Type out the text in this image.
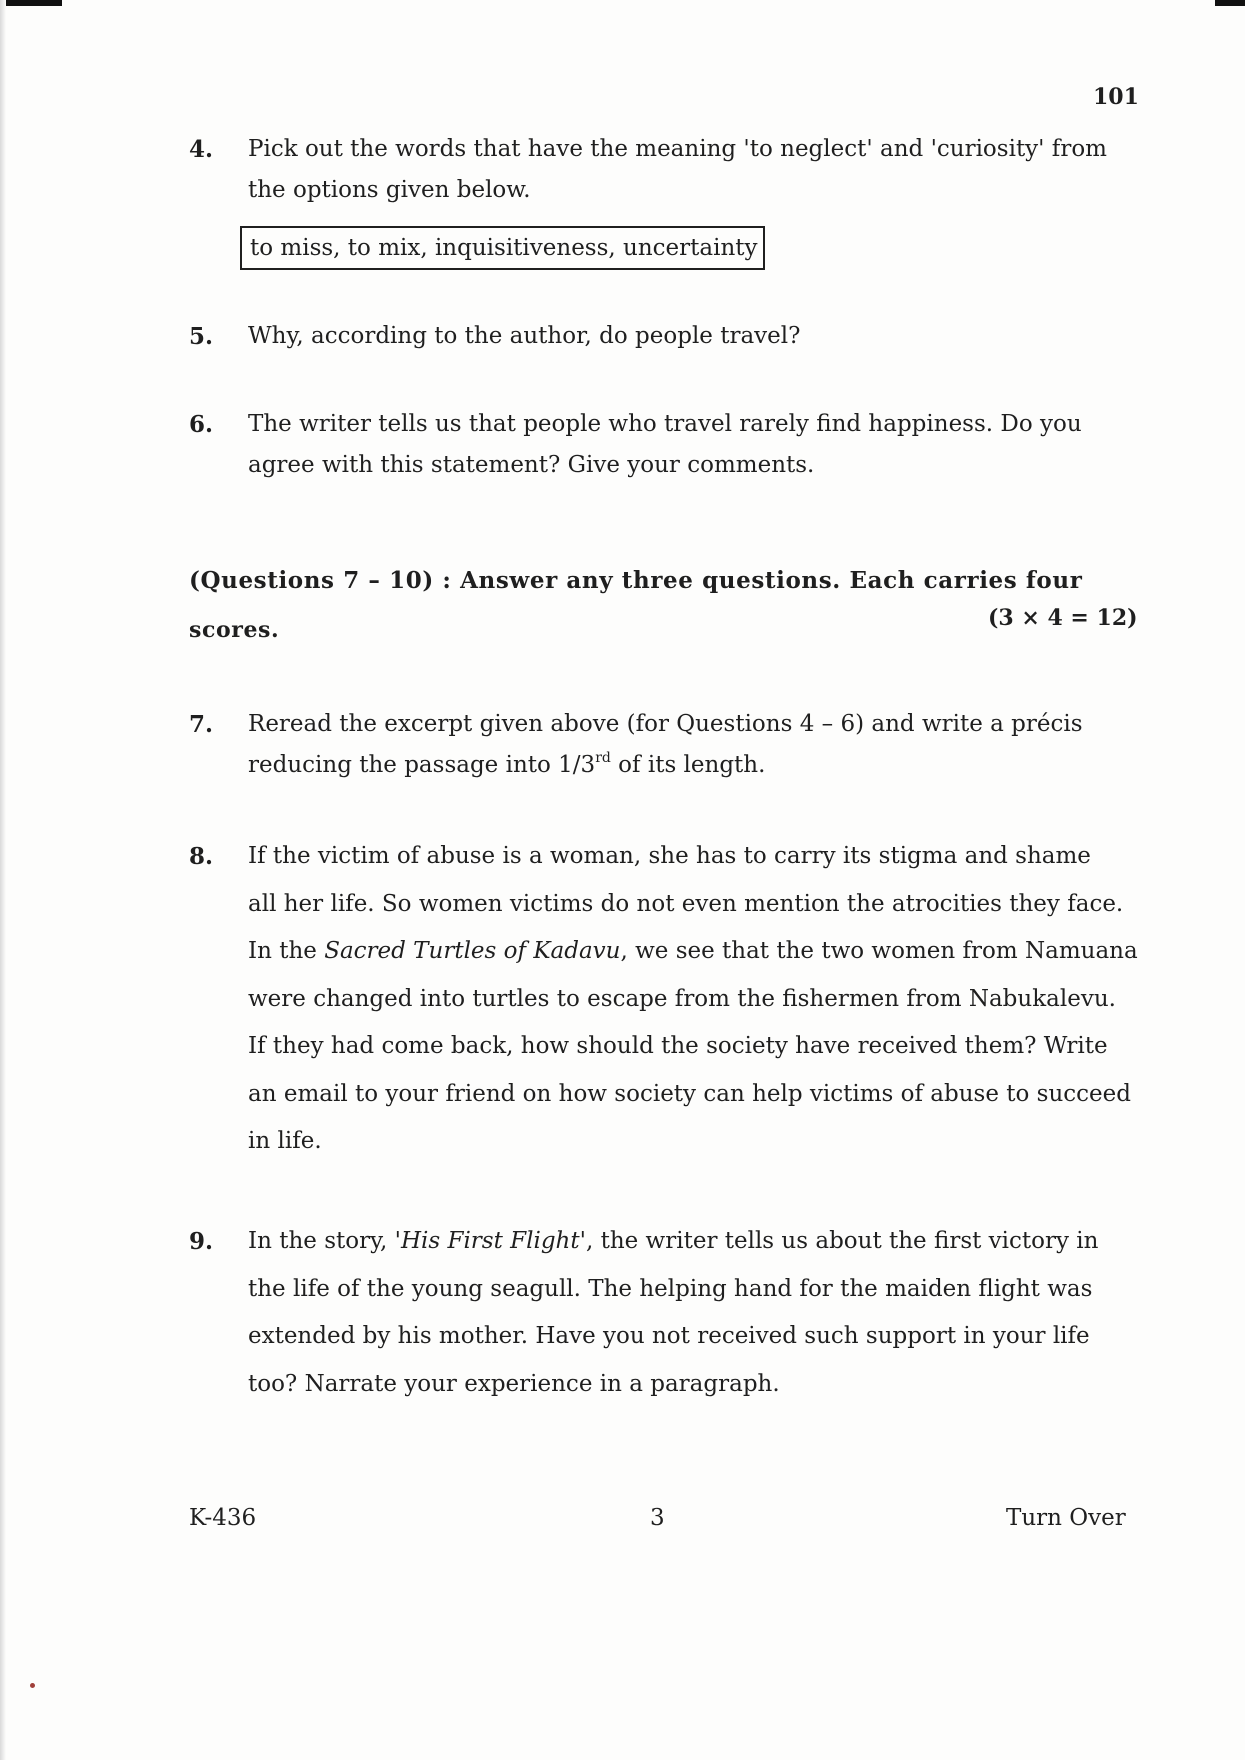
101
4.	Pick out the words that have the meaning 'to neglect' and 'curiosity' from
the options given below.
to miss, to mix, inquisitiveness, uncertainty
5.	Why, according to the author, do people travel?
6.	The writer tells us that people who travel rarely find happiness. Do you
agree with this statement? Give your comments.
(Questions 7 – 10) : Answer any three questions. Each carries four
(3 × 4 = 12)
scores.
7.	Reread the excerpt given above (for Questions 4 – 6) and write a précis
reducing the passage into 1/3rd of its length.
8.	If the victim of abuse is a woman, she has to carry its stigma and shame
all her life. So women victims do not even mention the atrocities they face.
In the Sacred Turtles of Kadavu, we see that the two women from Namuana
were changed into turtles to escape from the fishermen from Nabukalevu.
If they had come back, how should the society have received them? Write
an email to your friend on how society can help victims of abuse to succeed
in life.
9.	In the story, 'His First Flight', the writer tells us about the first victory in
the life of the young seagull. The helping hand for the maiden flight was
extended by his mother. Have you not received such support in your life
too? Narrate your experience in a paragraph.
K-436	3	Turn Over
